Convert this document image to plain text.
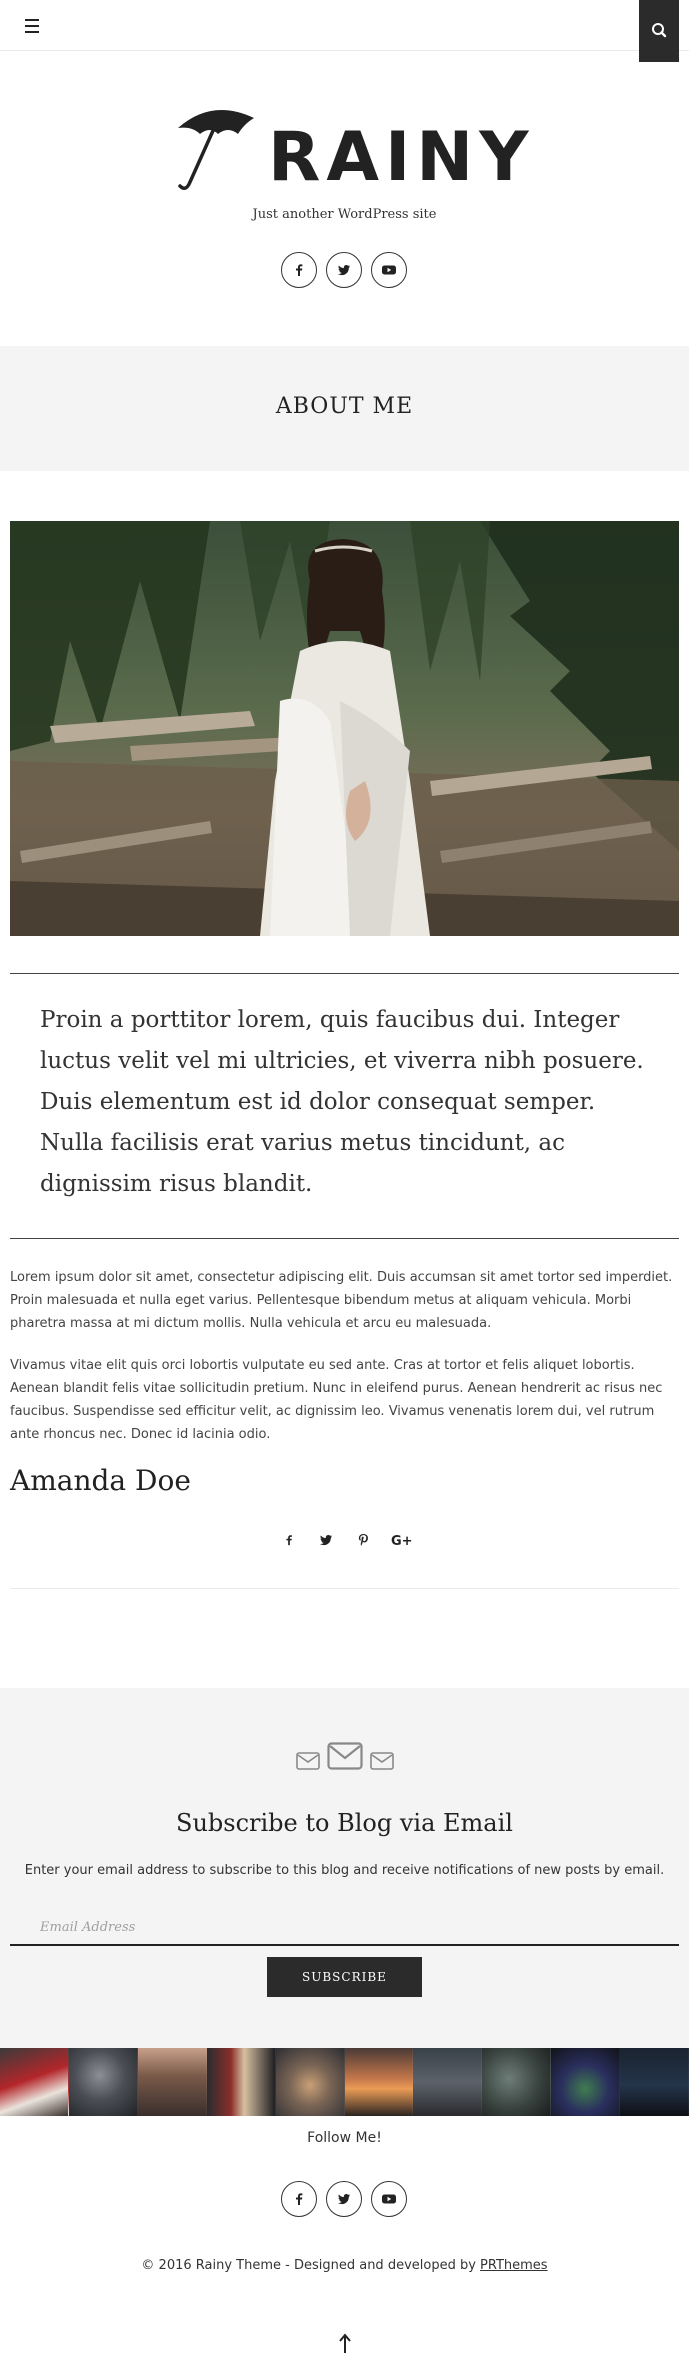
RAINY
Just another WordPress site
ABOUT ME
Proin a porttitor lorem, quis faucibus dui. Integer luctus velit vel mi ultricies, et viverra nibh posuere. Duis elementum est id dolor consequat semper. Nulla facilisis erat varius metus tincidunt, ac dignissim risus blandit.
Lorem ipsum dolor sit amet, consectetur adipiscing elit. Duis accumsan sit amet tortor sed imperdiet. Proin malesuada et nulla eget varius. Pellentesque bibendum metus at aliquam vehicula. Morbi pharetra massa at mi dictum mollis. Nulla vehicula et arcu eu malesuada.
Vivamus vitae elit quis orci lobortis vulputate eu sed ante. Cras at tortor et felis aliquet lobortis. Aenean blandit felis vitae sollicitudin pretium. Nunc in eleifend purus. Aenean hendrerit ac risus nec faucibus. Suspendisse sed efficitur velit, ac dignissim leo. Vivamus venenatis lorem dui, vel rutrum ante rhoncus nec. Donec id lacinia odio.
Amanda Doe
G+
Subscribe to Blog via Email
Enter your email address to subscribe to this blog and receive notifications of new posts by email.
Email Address
SUBSCRIBE
Follow Me!
© 2016 Rainy Theme - Designed and developed by PRThemes
